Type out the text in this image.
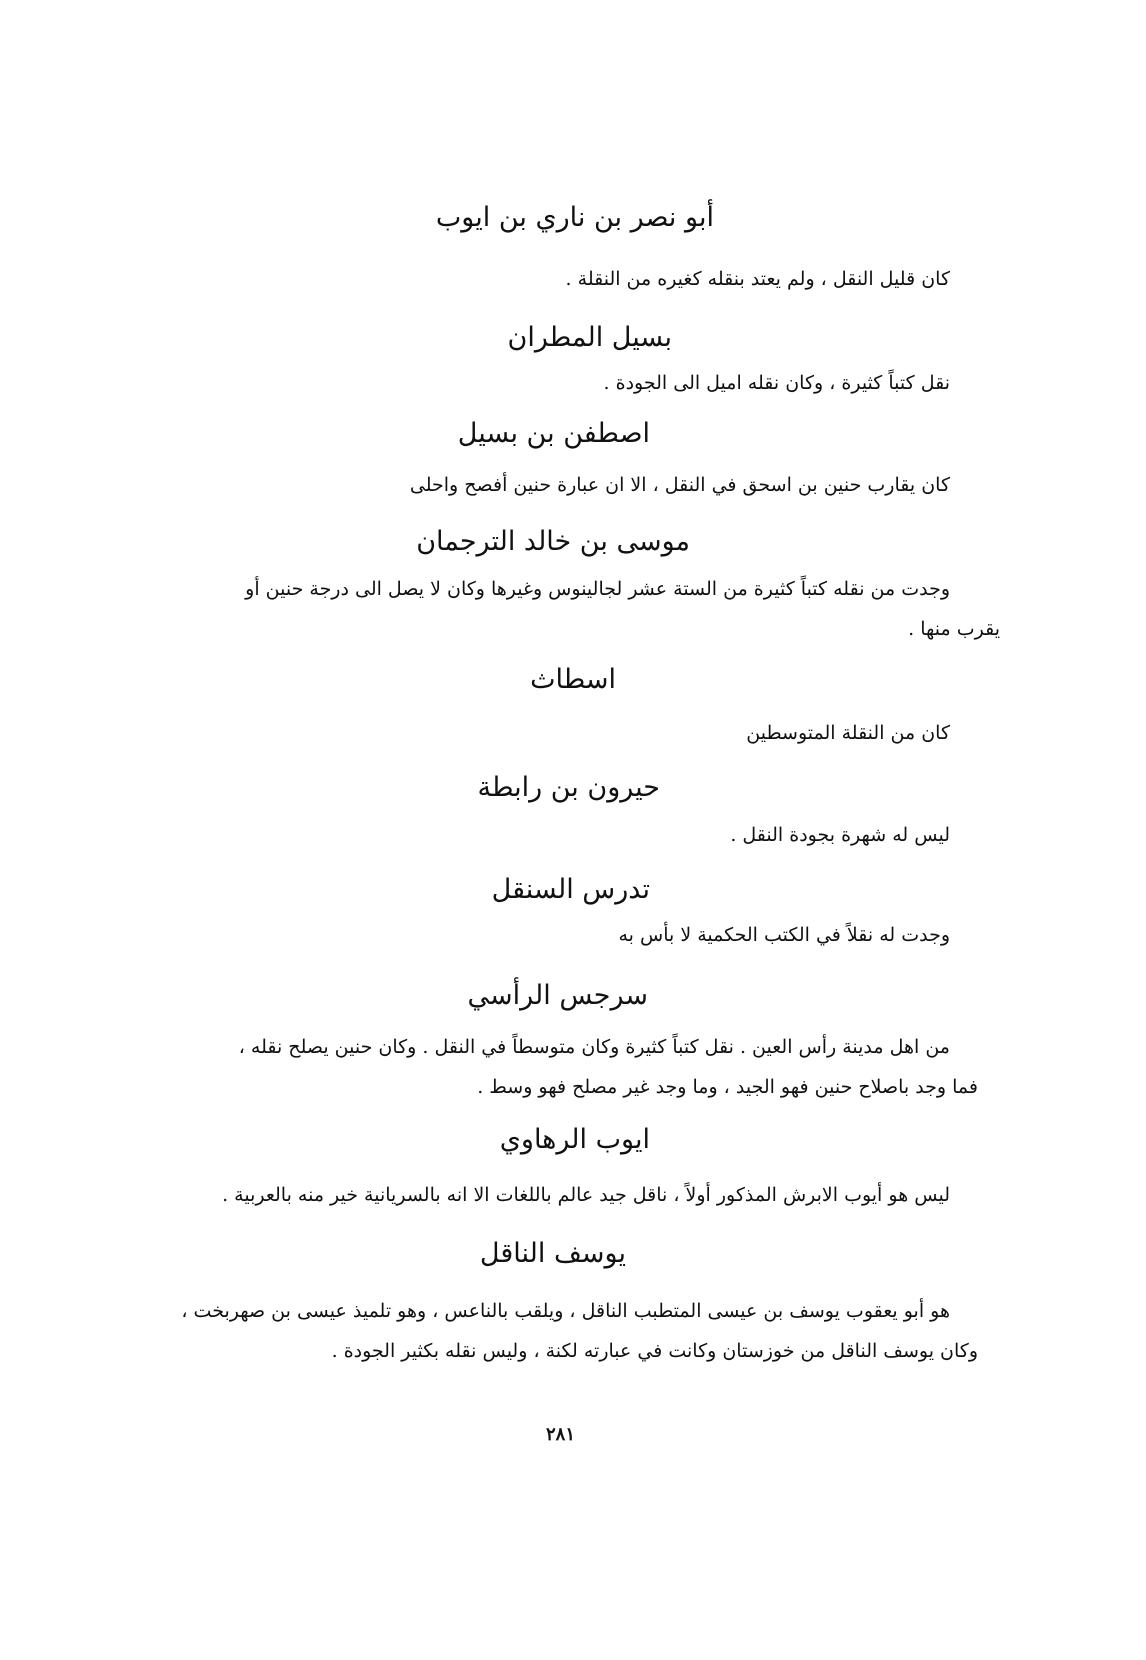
أبو نصر بن ناري بن ايوب
كان قليل النقل ، ولم يعتد بنقله كغيره من النقلة .
بسيل المطران
نقل كتباً كثيرة ، وكان نقله اميل الى الجودة .
اصطفن بن بسيل
كان يقارب حنين بن اسحق في النقل ، الا ان عبارة حنين أفصح واحلى
موسى بن خالد الترجمان
وجدت من نقله كتباً كثيرة من الستة عشر لجالينوس وغيرها وكان لا يصل الى درجة حنين أو
يقرب منها .
اسطاث
كان من النقلة المتوسطين
حيرون بن رابطة
ليس له شهرة بجودة النقل .
تدرس السنقل
وجدت له نقلاً في الكتب الحكمية لا بأس به
سرجس الرأسي
من اهل مدينة رأس العين . نقل كتباً كثيرة وكان متوسطاً في النقل . وكان حنين يصلح نقله ،
فما وجد باصلاح حنين فهو الجيد ، وما وجد غير مصلح فهو وسط .
ايوب الرهاوي
ليس هو أيوب الابرش المذكور أولاً ، ناقل جيد عالم باللغات الا انه بالسريانية خير منه بالعربية .
يوسف الناقل
هو أبو يعقوب يوسف بن عيسى المتطبب الناقل ، ويلقب بالناعس ، وهو تلميذ عيسى بن صهربخت ،
وكان يوسف الناقل من خوزستان وكانت في عبارته لكنة ، وليس نقله بكثير الجودة .
٢٨١
